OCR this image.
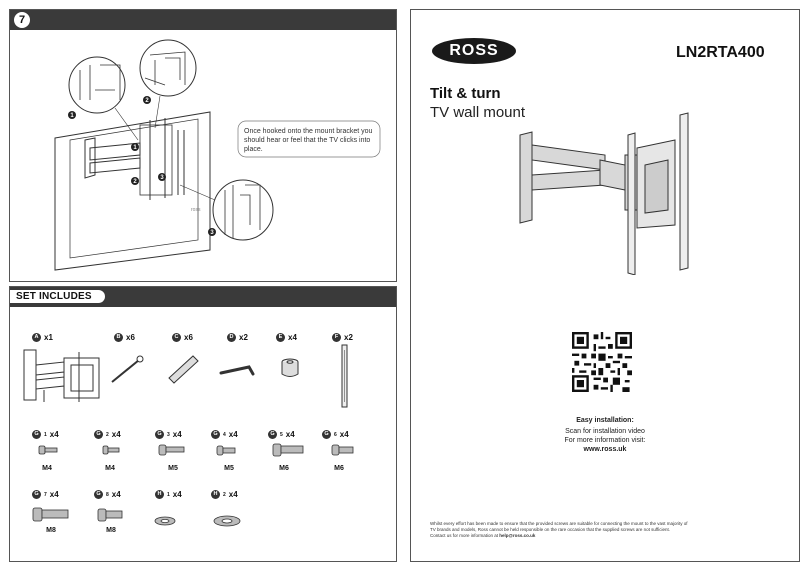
7
1
2
3
1
2
3
ross
Once hooked onto the mount bracket you should hear or feel that the TV clicks into place.
SET INCLUDES
A x1	B x6	C x6	D x2	E x4	F x2
G	1 x4	G	2 x4	G	3 x4	G	4 x4	G	5 x4	G	6 x4
M4	M4	M5	M5	M6	M6
G	7 x4	G	8 x4	H	1 x4	H	2 x4
M8	M8
ROSS	LN2RTA400
Tilt & turn
TV wall mount
Easy installation:
Scan for installation video
For more information visit:
www.ross.uk
Whilst every effort has been made to ensure that the provided screws are suitable for connecting the mount to the vast majority of
TV brands and models, Ross cannot be held responsible on the rare occasion that the supplied screws are not sufficient.
Contact us for more information at help@ross.co.uk
